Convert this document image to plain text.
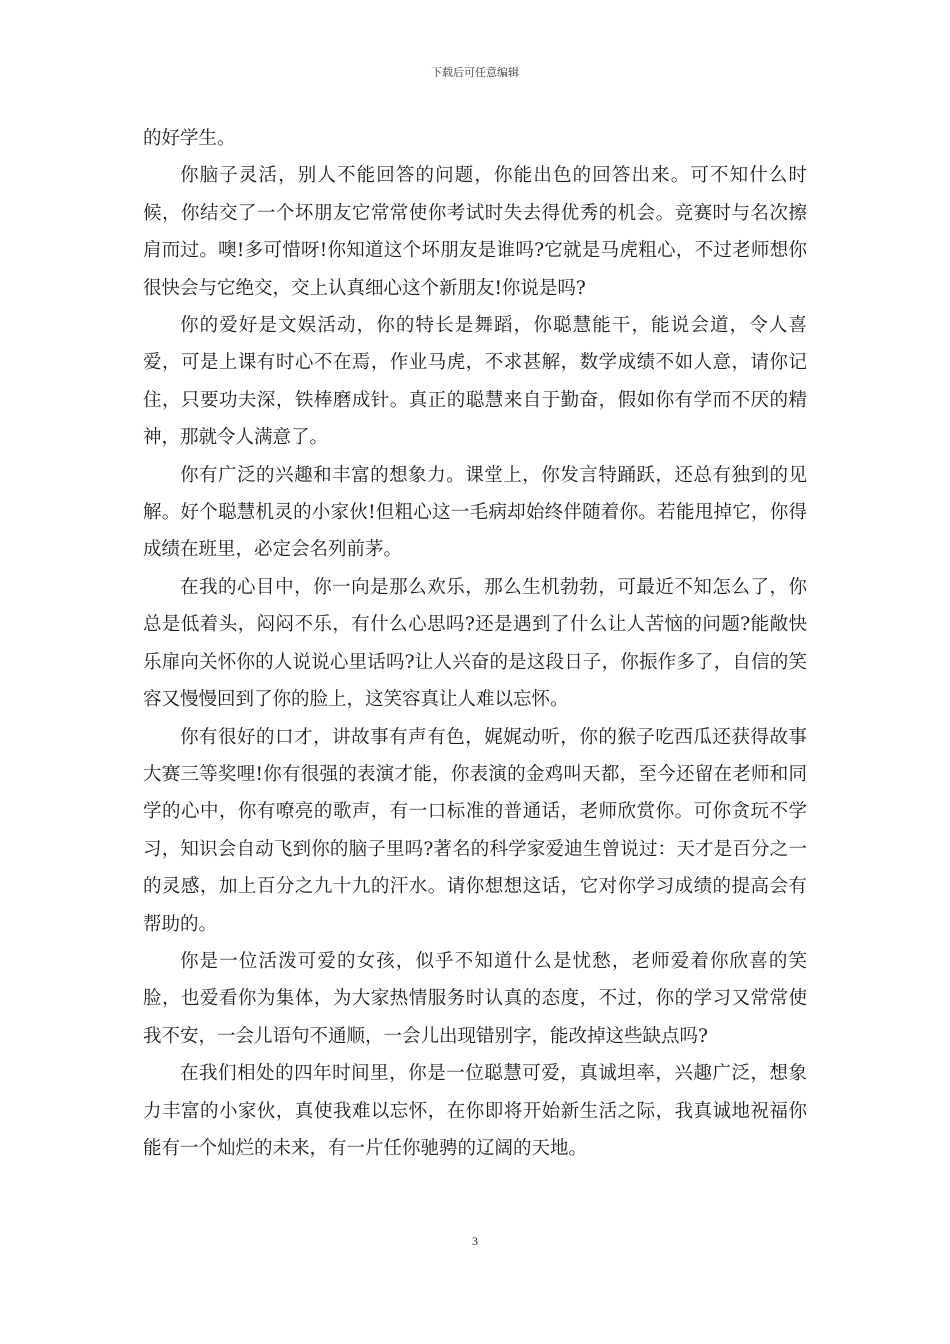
下载后可任意编辑

的好学生。

你脑子灵活，别人不能回答的问题，你能出色的回答出来。可不知什么时候，你结交了一个坏朋友它常常使你考试时失去得优秀的机会。竞赛时与名次擦肩而过。噢!多可惜呀!你知道这个坏朋友是谁吗?它就是马虎粗心，不过老师想你很快会与它绝交，交上认真细心这个新朋友!你说是吗?

你的爱好是文娱活动，你的特长是舞蹈，你聪慧能干，能说会道，令人喜爱，可是上课有时心不在焉，作业马虎，不求甚解，数学成绩不如人意，请你记住，只要功夫深，铁棒磨成针。真正的聪慧来自于勤奋，假如你有学而不厌的精神，那就令人满意了。

你有广泛的兴趣和丰富的想象力。课堂上，你发言特踊跃，还总有独到的见解。好个聪慧机灵的小家伙!但粗心这一毛病却始终伴随着你。若能甩掉它，你得成绩在班里，必定会名列前茅。

在我的心目中，你一向是那么欢乐，那么生机勃勃，可最近不知怎么了，你总是低着头，闷闷不乐，有什么心思吗?还是遇到了什么让人苦恼的问题?能敞快乐扉向关怀你的人说说心里话吗?让人兴奋的是这段日子，你振作多了，自信的笑容又慢慢回到了你的脸上，这笑容真让人难以忘怀。

你有很好的口才，讲故事有声有色，娓娓动听，你的猴子吃西瓜还获得故事大赛三等奖哩!你有很强的表演才能，你表演的金鸡叫天都，至今还留在老师和同学的心中，你有嘹亮的歌声，有一口标准的普通话，老师欣赏你。可你贪玩不学习，知识会自动飞到你的脑子里吗?著名的科学家爱迪生曾说过：天才是百分之一的灵感，加上百分之九十九的汗水。请你想想这话，它对你学习成绩的提高会有帮助的。

你是一位活泼可爱的女孩，似乎不知道什么是忧愁，老师爱着你欣喜的笑脸，也爱看你为集体，为大家热情服务时认真的态度，不过，你的学习又常常使我不安，一会儿语句不通顺，一会儿出现错别字，能改掉这些缺点吗?

在我们相处的四年时间里，你是一位聪慧可爱，真诚坦率，兴趣广泛，想象力丰富的小家伙，真使我难以忘怀，在你即将开始新生活之际，我真诚地祝福你能有一个灿烂的未来，有一片任你驰骋的辽阔的天地。

3
